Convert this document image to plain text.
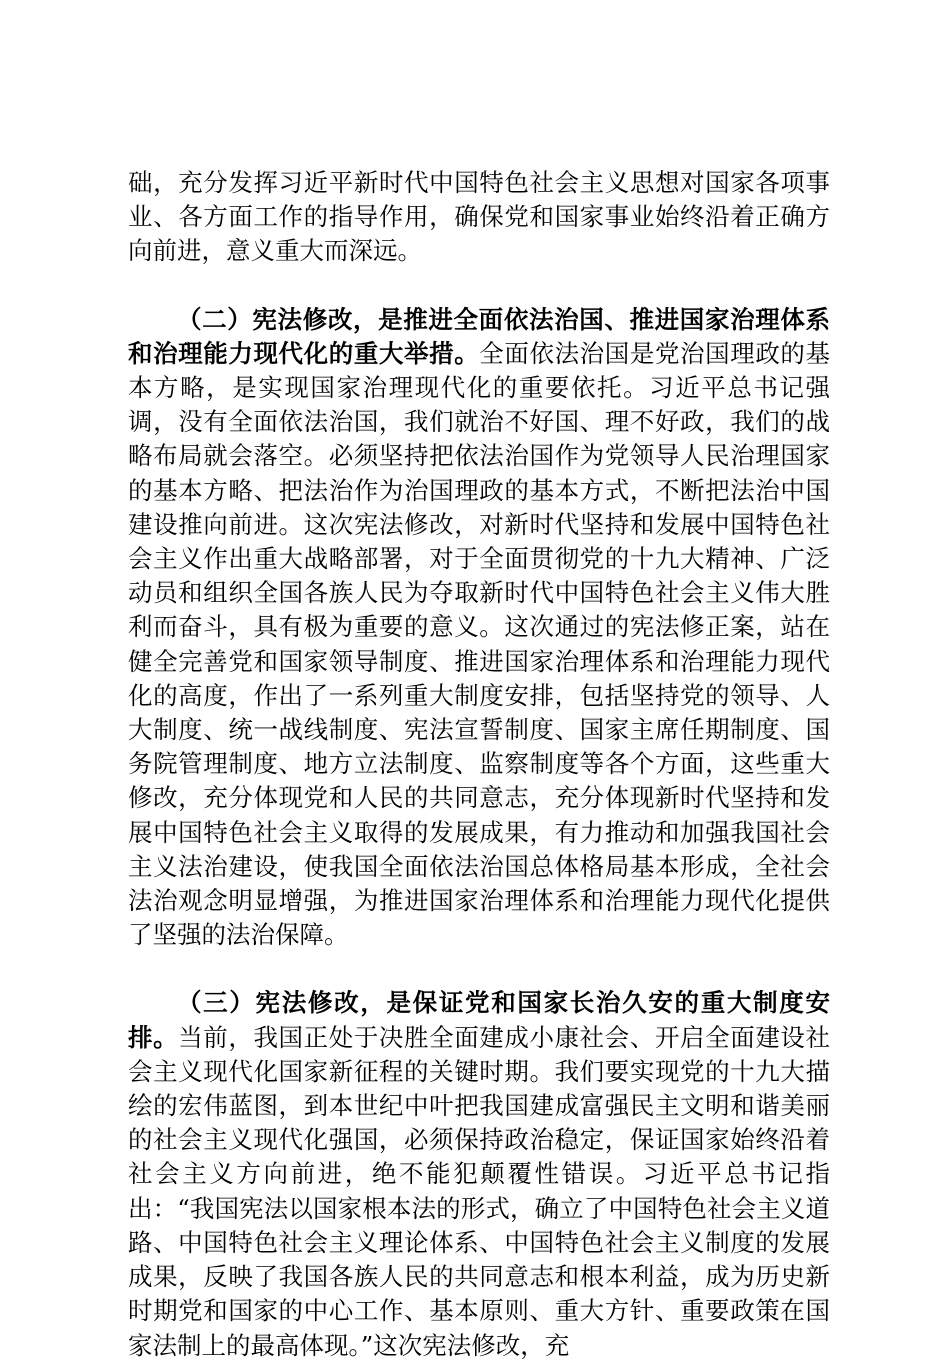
础，充分发挥习近平新时代中国特色社会主义思想对国家各项事业、各方面工作的指导作用，确保党和国家事业始终沿着正确方向前进，意义重大而深远。

（二）宪法修改，是推进全面依法治国、推进国家治理体系和治理能力现代化的重大举措。全面依法治国是党治国理政的基本方略，是实现国家治理现代化的重要依托。习近平总书记强调，没有全面依法治国，我们就治不好国、理不好政，我们的战略布局就会落空。必须坚持把依法治国作为党领导人民治理国家的基本方略、把法治作为治国理政的基本方式，不断把法治中国建设推向前进。这次宪法修改，对新时代坚持和发展中国特色社会主义作出重大战略部署，对于全面贯彻党的十九大精神、广泛动员和组织全国各族人民为夺取新时代中国特色社会主义伟大胜利而奋斗，具有极为重要的意义。这次通过的宪法修正案，站在健全完善党和国家领导制度、推进国家治理体系和治理能力现代化的高度，作出了一系列重大制度安排，包括坚持党的领导、人大制度、统一战线制度、宪法宣誓制度、国家主席任期制度、国务院管理制度、地方立法制度、监察制度等各个方面，这些重大修改，充分体现党和人民的共同意志，充分体现新时代坚持和发展中国特色社会主义取得的发展成果，有力推动和加强我国社会主义法治建设，使我国全面依法治国总体格局基本形成，全社会法治观念明显增强，为推进国家治理体系和治理能力现代化提供了坚强的法治保障。

（三）宪法修改，是保证党和国家长治久安的重大制度安排。当前，我国正处于决胜全面建成小康社会、开启全面建设社会主义现代化国家新征程的关键时期。我们要实现党的十九大描绘的宏伟蓝图，到本世纪中叶把我国建成富强民主文明和谐美丽的社会主义现代化强国，必须保持政治稳定，保证国家始终沿着社会主义方向前进，绝不能犯颠覆性错误。习近平总书记指出：“我国宪法以国家根本法的形式，确立了中国特色社会主义道路、中国特色社会主义理论体系、中国特色社会主义制度的发展成果，反映了我国各族人民的共同意志和根本利益，成为历史新时期党和国家的中心工作、基本原则、重大方针、重要政策在国家法制上的最高体现。”这次宪法修改，充
